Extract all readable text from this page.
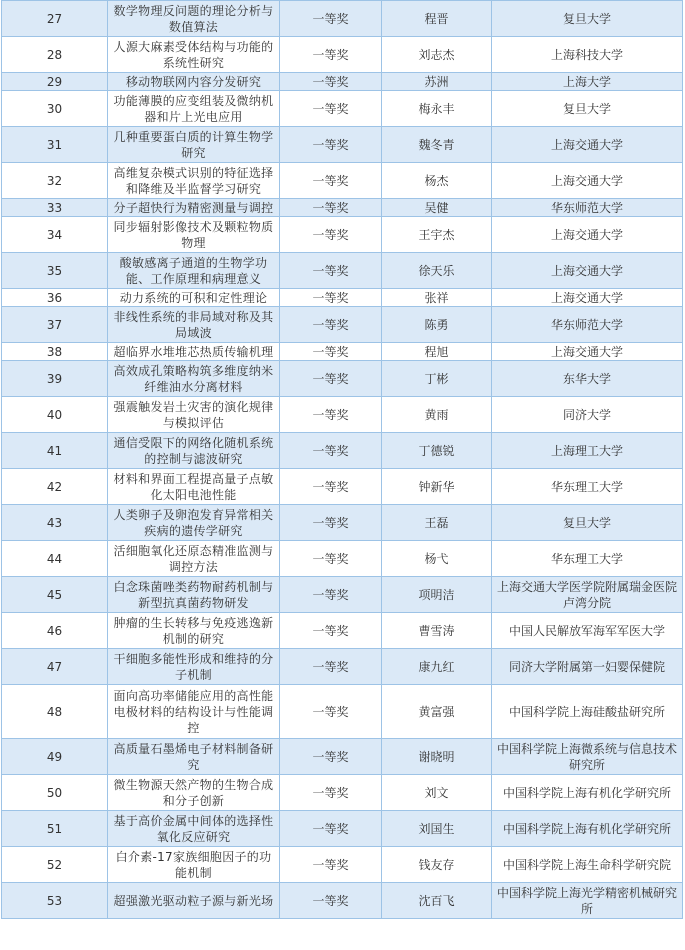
27	数学物理反问题的理论分析与数值算法	一等奖	程晋	复旦大学
28	人源大麻素受体结构与功能的系统性研究	一等奖	刘志杰	上海科技大学
29	移动物联网内容分发研究	一等奖	苏洲	上海大学
30	功能薄膜的应变组装及微纳机器和片上光电应用	一等奖	梅永丰	复旦大学
31	几种重要蛋白质的计算生物学研究	一等奖	魏冬青	上海交通大学
32	高维复杂模式识别的特征选择和降维及半监督学习研究	一等奖	杨杰	上海交通大学
33	分子超快行为精密测量与调控	一等奖	吴健	华东师范大学
34	同步辐射影像技术及颗粒物质物理	一等奖	王宇杰	上海交通大学
35	酸敏感离子通道的生物学功能、工作原理和病理意义	一等奖	徐天乐	上海交通大学
36	动力系统的可积和定性理论	一等奖	张祥	上海交通大学
37	非线性系统的非局域对称及其局域波	一等奖	陈勇	华东师范大学
38	超临界水堆堆芯热质传输机理	一等奖	程旭	上海交通大学
39	高效成孔策略构筑多维度纳米纤维油水分离材料	一等奖	丁彬	东华大学
40	强震触发岩土灾害的演化规律与模拟评估	一等奖	黄雨	同济大学
41	通信受限下的网络化随机系统的控制与滤波研究	一等奖	丁德锐	上海理工大学
42	材料和界面工程提高量子点敏化太阳电池性能	一等奖	钟新华	华东理工大学
43	人类卵子及卵泡发育异常相关疾病的遗传学研究	一等奖	王磊	复旦大学
44	活细胞氧化还原态精准监测与调控方法	一等奖	杨弋	华东理工大学
45	白念珠菌唑类药物耐药机制与新型抗真菌药物研发	一等奖	项明洁	上海交通大学医学院附属瑞金医院卢湾分院
46	肿瘤的生长转移与免疫逃逸新机制的研究	一等奖	曹雪涛	中国人民解放军海军军医大学
47	干细胞多能性形成和维持的分子机制	一等奖	康九红	同济大学附属第一妇婴保健院
48	面向高功率储能应用的高性能电极材料的结构设计与性能调控	一等奖	黄富强	中国科学院上海硅酸盐研究所
49	高质量石墨烯电子材料制备研究	一等奖	谢晓明	中国科学院上海微系统与信息技术研究所
50	微生物源天然产物的生物合成和分子创新	一等奖	刘文	中国科学院上海有机化学研究所
51	基于高价金属中间体的选择性氧化反应研究	一等奖	刘国生	中国科学院上海有机化学研究所
52	白介素-17家族细胞因子的功能机制	一等奖	钱友存	中国科学院上海生命科学研究院
53	超强激光驱动粒子源与新光场	一等奖	沈百飞	中国科学院上海光学精密机械研究所
